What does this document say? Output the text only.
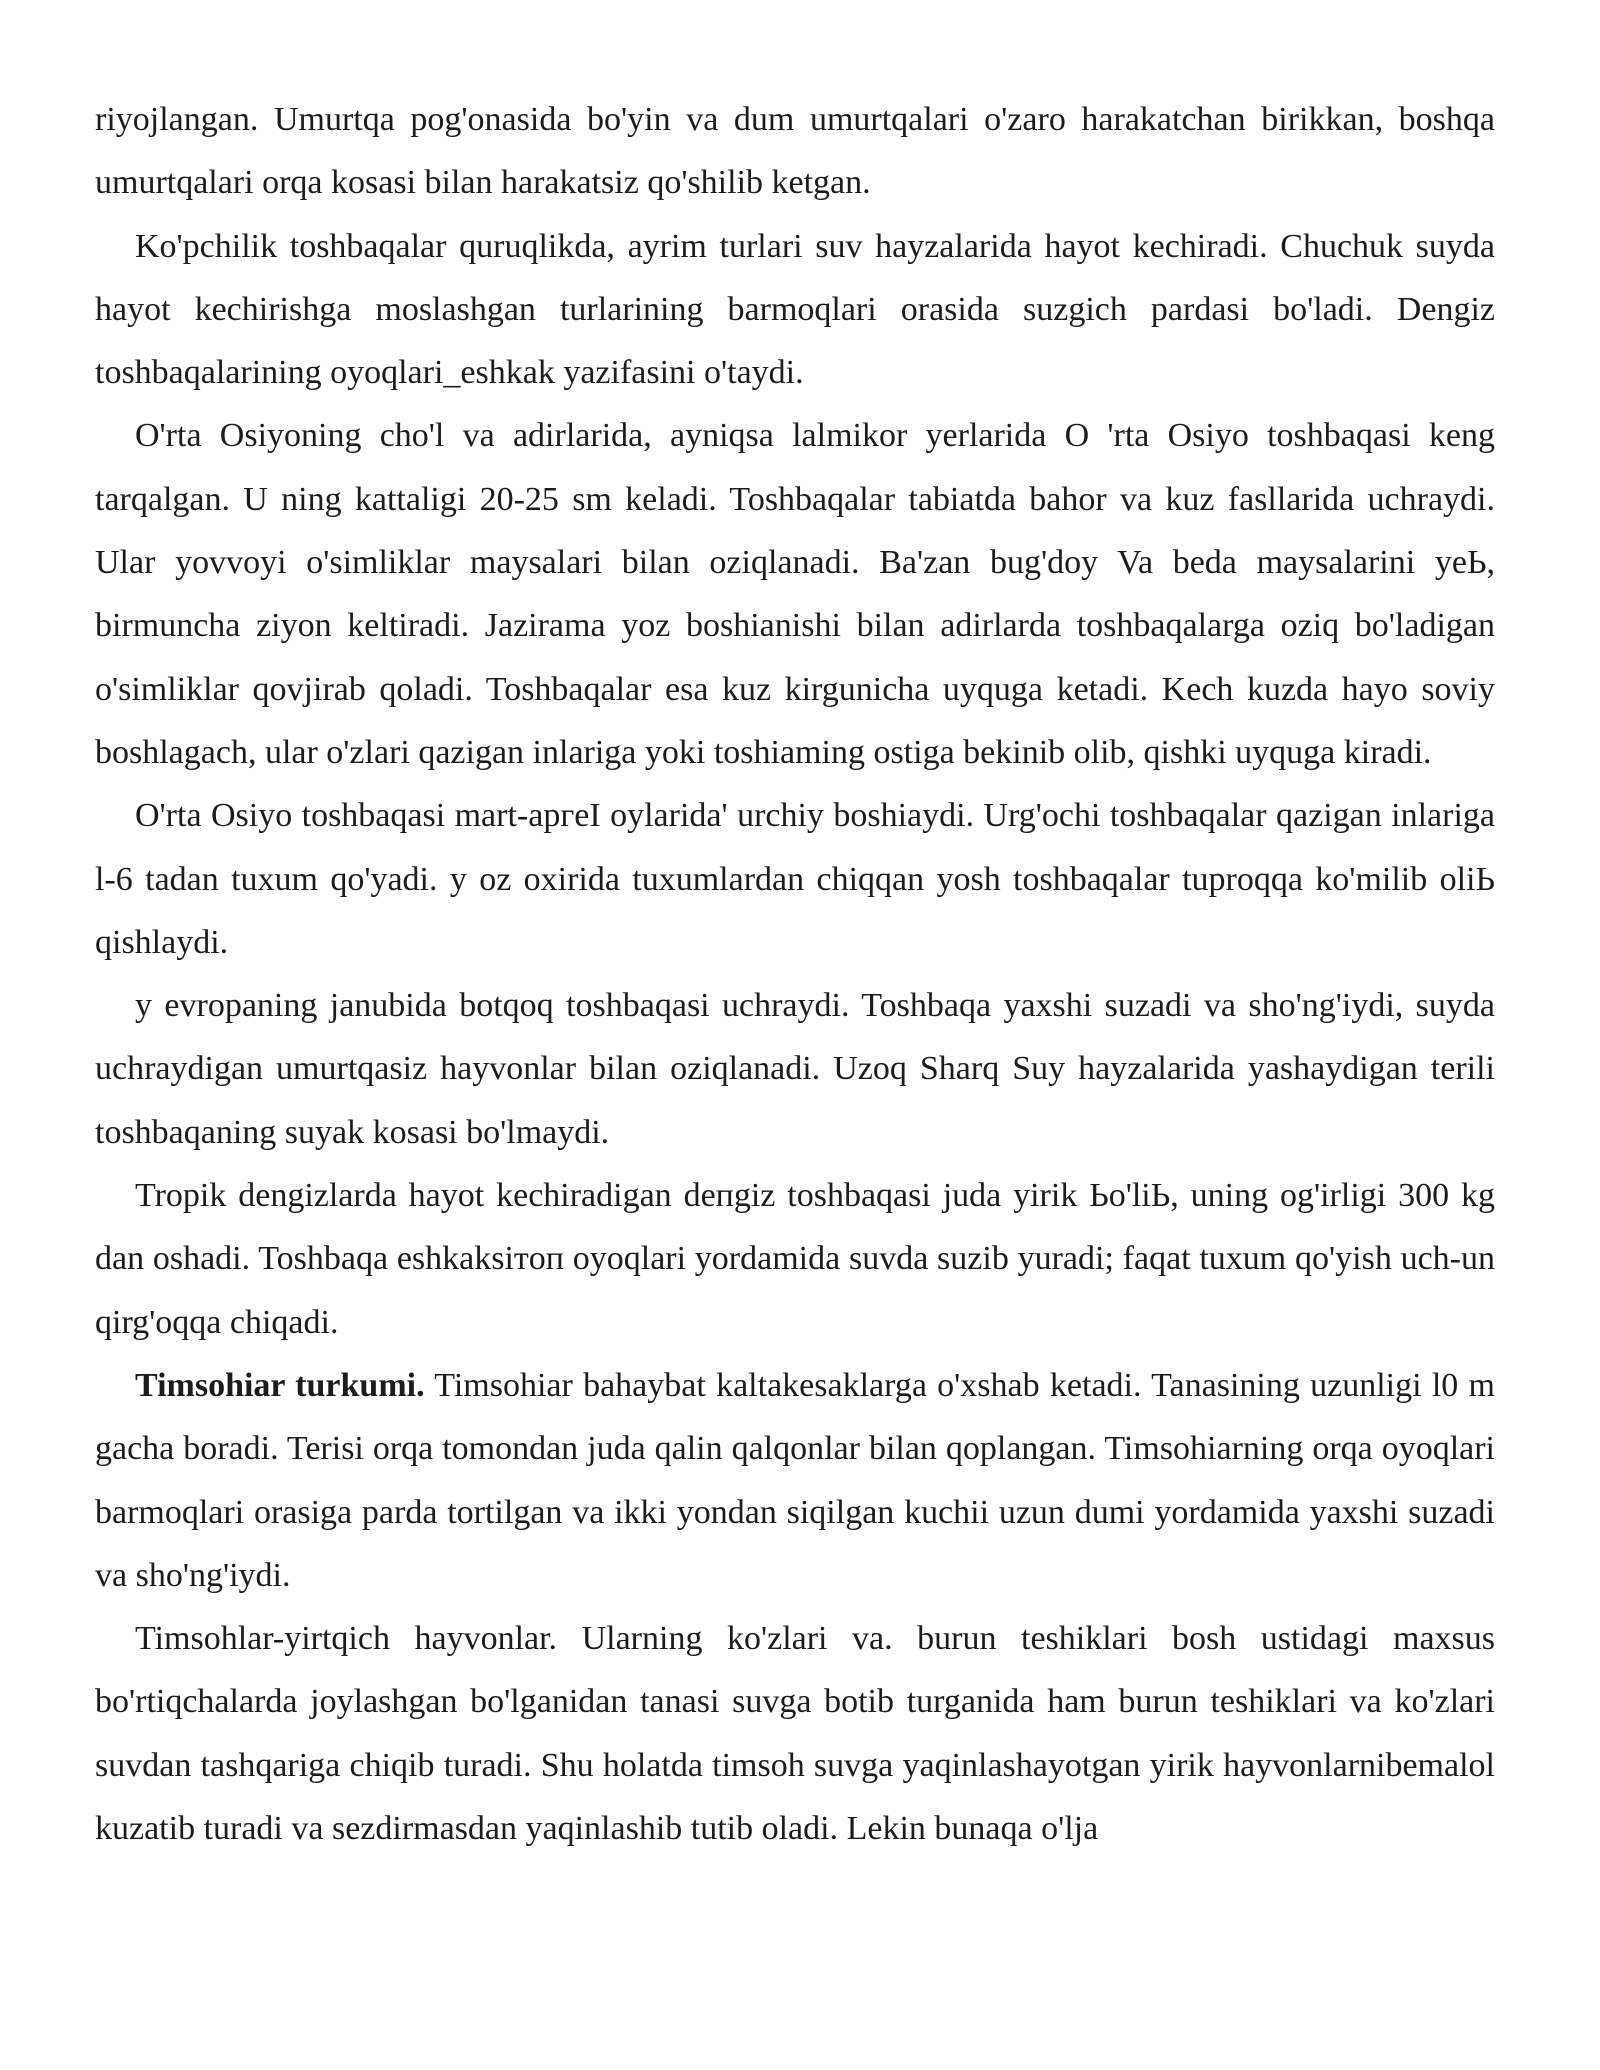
riyojlangan. Umurtqa pog'onasida bo'yin va dum umurtqalari o'zaro harakatchan birikkan, boshqa umurtqalari orqa kosasi bilan harakatsiz qo'shilib ketgan.

Ko'pchilik toshbaqalar quruqlikda, ayrim turlari suv hayzalarida hayot kechiradi. Chuchuk suyda hayot kechirishga moslashgan turlarining barmoqlari orasida suzgich pardasi bo'ladi. Dengiz toshbaqalarining oyoqlari_eshkak yazifasini o'taydi.

O'rta Osiyoning cho'l va adirlarida, ayniqsa lalmikor yerlarida O 'rta Osiyo toshbaqasi keng tarqalgan. U ning kattaligi 20-25 sm keladi. Toshbaqalar tabiatda bahor va kuz fasllarida uchraydi. Ular yovvoyi o'simliklar maysalari bilan oziqlanadi. Ba'zan bug'doy Va beda maysalarini yeЬ, birmuncha ziyon keltiradi. Jazirama yoz boshianishi bilan adirlarda toshbaqalarga oziq bo'ladigan o'simliklar qovjirab qoladi. Toshbaqalar esa kuz kirgunicha uyquga ketadi. Kech kuzda hayo soviy boshlagach, ular o'zlari qazigan inlariga yoki toshiaming ostiga bekinib olib, qishki uyquga kiradi.

O'rta Osiyo toshbaqasi mart-apгeI oylarida' urchiy boshiaydi. Urg'ochi toshbaqalar qazigan inlariga l-6 tadan tuxum qo'yadi. y oz oxirida tuxumlardan chiqqan yosh toshbaqalar tuproqqa ko'milib oliЬ qishlaydi.

y evropaning janubida botqoq toshbaqasi uchraydi. Toshbaqa yaxshi suzadi va sho'ng'iydi, suyda uchraydigan umurtqasiz hayvonlar bilan oziqlanadi. Uzoq Sharq Suy hayzalarida yashaydigan terili toshbaqaning suyak kosasi bo'lmaydi.

Tropik dengizlarda hayot kechiradigan deпgiz toshbaqasi juda yirik Ьo'liЬ, uning og'irligi 300 kg dan oshadi. Toshbaqa eshkaksiтoп oyoqlari yordamida suvda suzib yuradi; faqat tuxum qo'yish uch-un qirg'oqqa chiqadi.

Timsohiar turkumi. Timsohiar bahaybat kaltakesaklarga o'xshab ketadi. Tanasining uzunligi l0 m gacha boradi. Terisi orqa tomondan juda qalin qalqonlar bilan qoplangan. Timsohiarning orqa oyoqlari barmoqlari orasiga parda tortilgan va ikki yondan siqilgan kuchii uzun dumi yordamida yaxshi suzadi va sho'ng'iydi.

Timsohlar-yirtqich hayvonlar. Ularning ko'zlari va. burun teshiklari bosh ustidagi maxsus bo'rtiqchalarda joylashgan bo'lganidan tanasi suvga botib turganida ham burun teshiklari va ko'zlari suvdan tashqariga chiqib turadi. Shu holatda timsoh suvga yaqinlashayotgan yirik hayvonlarnibemalol kuzatib turadi va sezdirmasdan yaqinlashib tutib oladi. Lekin bunaqa o'lja
